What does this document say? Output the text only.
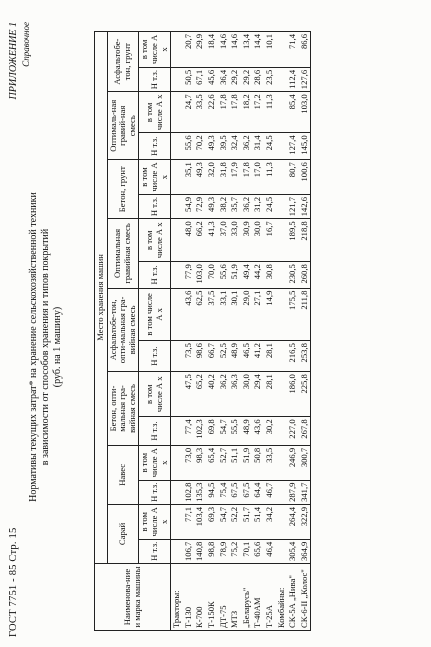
ГОСТ 7751 - 85 Стр. 15
ПРИЛОЖЕНИЕ 1 Справочное
Нормативы текущих затрат* на хранение сельскохозяйственной техники в зависимости от способов хранения и типов покрытий (руб. на 1 машину)
Наименова-ние и марка машины	Место хранения машин															
	Сарай		Навес		Бетон, опти-мальная гра-вийная смесь		Асфальтобе-тон, опти-мальная гра-вийная смесь		Оптимальная гравийная смесь		Бетон, грунт		Оптималь-ная гравий-ная смесь		Асфальтобе-тон, грунт	
	Н т.з.	в том числе А х	Н т.з.	в том числе А х	Н т.з.	в том числе А х	Н т.з.	в том числе А х	Н т.з.	в том числе А х	Н т.з.	в том числе А х	Н т.з.	в том числе А х	Н т.з.	в том числе А х
Тракторы:																
Т-130	106,7	77,1	102,8	73,0	77,4	47,5	73,5	43,6	77,9	48,0	54,9	35,1	55,6	24,7	50,5	20,7
К-700	140,8	103,4	135,3	98,3	102,3	65,2	98,6	62,5	103,0	66,2	72,9	49,3	70,2	33,5	67,1	29,9
Т-150К	98,8	69,3	94,5	65,4	69,8	40,2	66,7	37,5	70,0	41,3	49,3	32,0	49,3	22,6	45,6	18,4
ДТ-75	78,9	54,7	75,4	52,7	54,7	36,2	52,5	33,1	55,6	37,0	38,2	31,8	39,5	17,8	36,4	14,6
МТЗ	75,2	52,2	67,5	51,1	55,5	36,3	48,9	30,1	51,9	33,0	35,7	17,9	32,4	17,8	29,2	14,6
„Беларусь"	70,1	51,7	67,5	51,9	48,9	30,0	46,5	29,0	49,4	30,9	36,2	17,8	36,2	18,2	29,2	13,4
Т-40АМ	65,6	51,4	64,4	50,8	43,6	29,4	41,2	27,1	44,2	30,0	31,2	17,0	31,4	17,2	28,6	14,4
Т-25А	46,4	34,2	46,7	33,5	30,2	28,1	28,1	14,9	30,8	16,7	24,5	11,3	24,5	11,3	23,5	10,1
Комбайны:																
СК-5А „Нива"	305,4	264,4	287,9	246,9	227,0	186,0	216,5	175,5	230,5	189,5	121,7	80,7	127,4	85,4	112,4	71,4
СК-6-II „Колос"	364,9	322,9	341,7	300,7	267,8	225,8	253,8	211,8	260,8	218,8	142,6	100,6	145,0	103,0	127,6	86,6
